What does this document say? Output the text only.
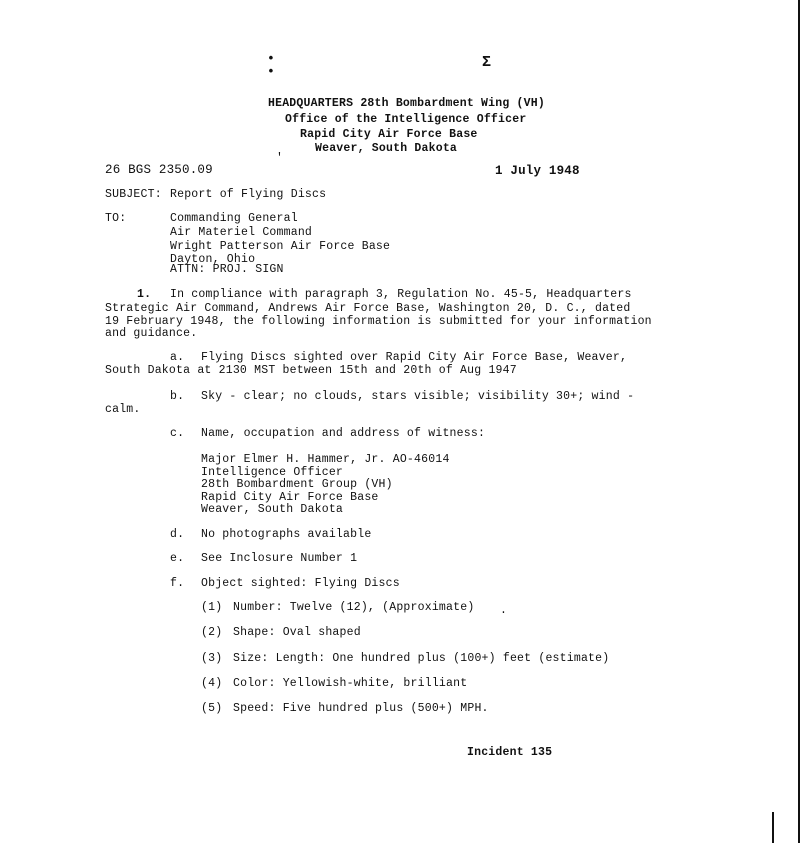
•
•
Ʃ
HEADQUARTERS 28th Bombardment Wing (VH)
Office of the Intelligence Officer
Rapid City Air Force Base
Weaver, South Dakota
26 BGS 2350.09
'
1 July 1948
SUBJECT: Report of Flying Discs
TO:	Commanding General
Air Materiel Command
Wright Patterson Air Force Base
Dayton, Ohio
ATTN: PROJ. SIGN
1. In compliance with paragraph 3, Regulation No. 45-5, Headquarters
Strategic Air Command, Andrews Air Force Base, Washington 20, D. C., dated
19 February 1948, the following information is submitted for your information
and guidance.
a. Flying Discs sighted over Rapid City Air Force Base, Weaver,
South Dakota at 2130 MST between 15th and 20th of Aug 1947
b. Sky - clear; no clouds, stars visible; visibility 30+; wind -
calm.
c. Name, occupation and address of witness:
Major Elmer H. Hammer, Jr. AO-46014
Intelligence Officer
28th Bombardment Group (VH)
Rapid City Air Force Base
Weaver, South Dakota
d. No photographs available
e. See Inclosure Number 1
f. Object sighted: Flying Discs
(1) Number: Twelve (12), (Approximate) .
(2) Shape: Oval shaped
(3) Size: Length: One hundred plus (100+) feet (estimate)
(4) Color: Yellowish-white, brilliant
(5) Speed: Five hundred plus (500+) MPH.
Incident 135
